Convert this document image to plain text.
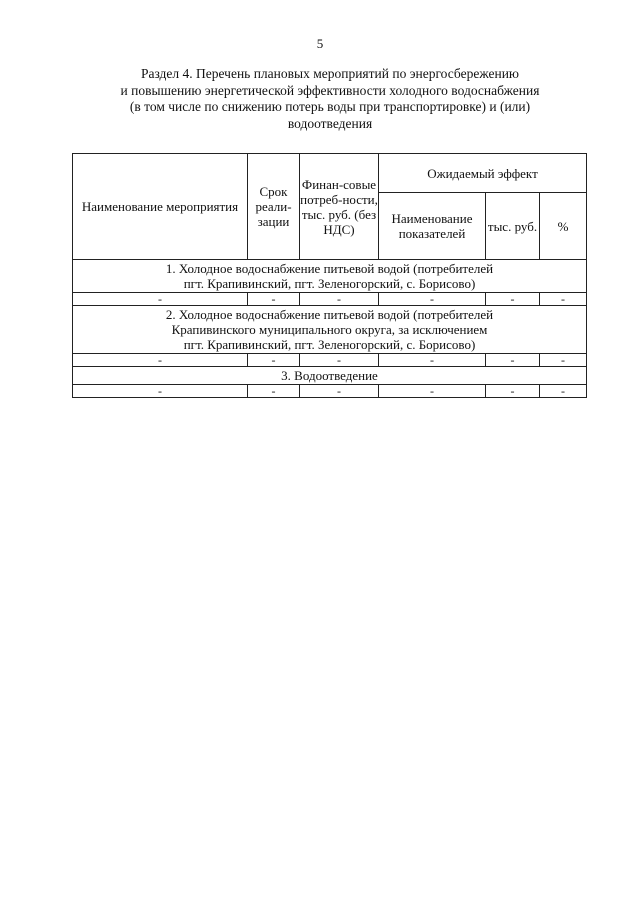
5
Раздел 4. Перечень плановых мероприятий по энергосбережению
и повышению энергетической эффективности холодного водоснабжения
(в том числе по снижению потерь воды при транспортировке) и (или)
водоотведения
Наименование мероприятия	Срок реали-зации	Финан-совые потреб-ности, тыс. руб. (без НДС)	Ожидаемый эффект		
			Наименование показателей	тыс. руб.	%

1. Холодное водоснабжение питьевой водой (потребителей
пгт. Крапивинский, пгт. Зеленогорский, с. Борисово)					

-	-	-	-	-	-

2. Холодное водоснабжение питьевой водой (потребителей
Крапивинского муниципального округа, за исключением
пгт. Крапивинский, пгт. Зеленогорский, с. Борисово)					

-	-	-	-	-	-

3. Водоотведение					

-	-	-	-	-	-
